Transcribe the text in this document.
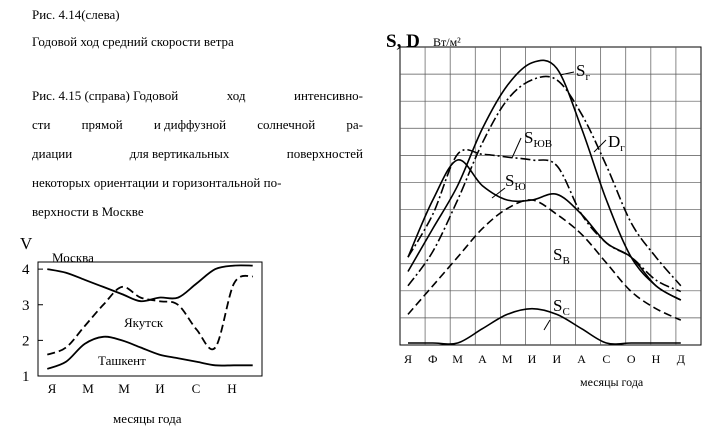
Рис. 4.14(слева)
Годовой ход средний скорости ветра
Рис. 4.15 (справа) Годовой	ход	интенсивно-
сти прямой и диффузной солнечной ра-
диации	для вертикальных	поверхностей
некоторых ориентации и горизонтальной по-
верхности в Москве
1
2
3
4
Я М М И С Н
Я Ф М А М И И А С О Н Д
V
Москва
Якутск
Ташкент
месяцы года
S, D Вт/м²
месяцы года
$S_г$
$D_г$
$S_{ЮВ}$
$S_Ю$
$S_В$
$S_С$
